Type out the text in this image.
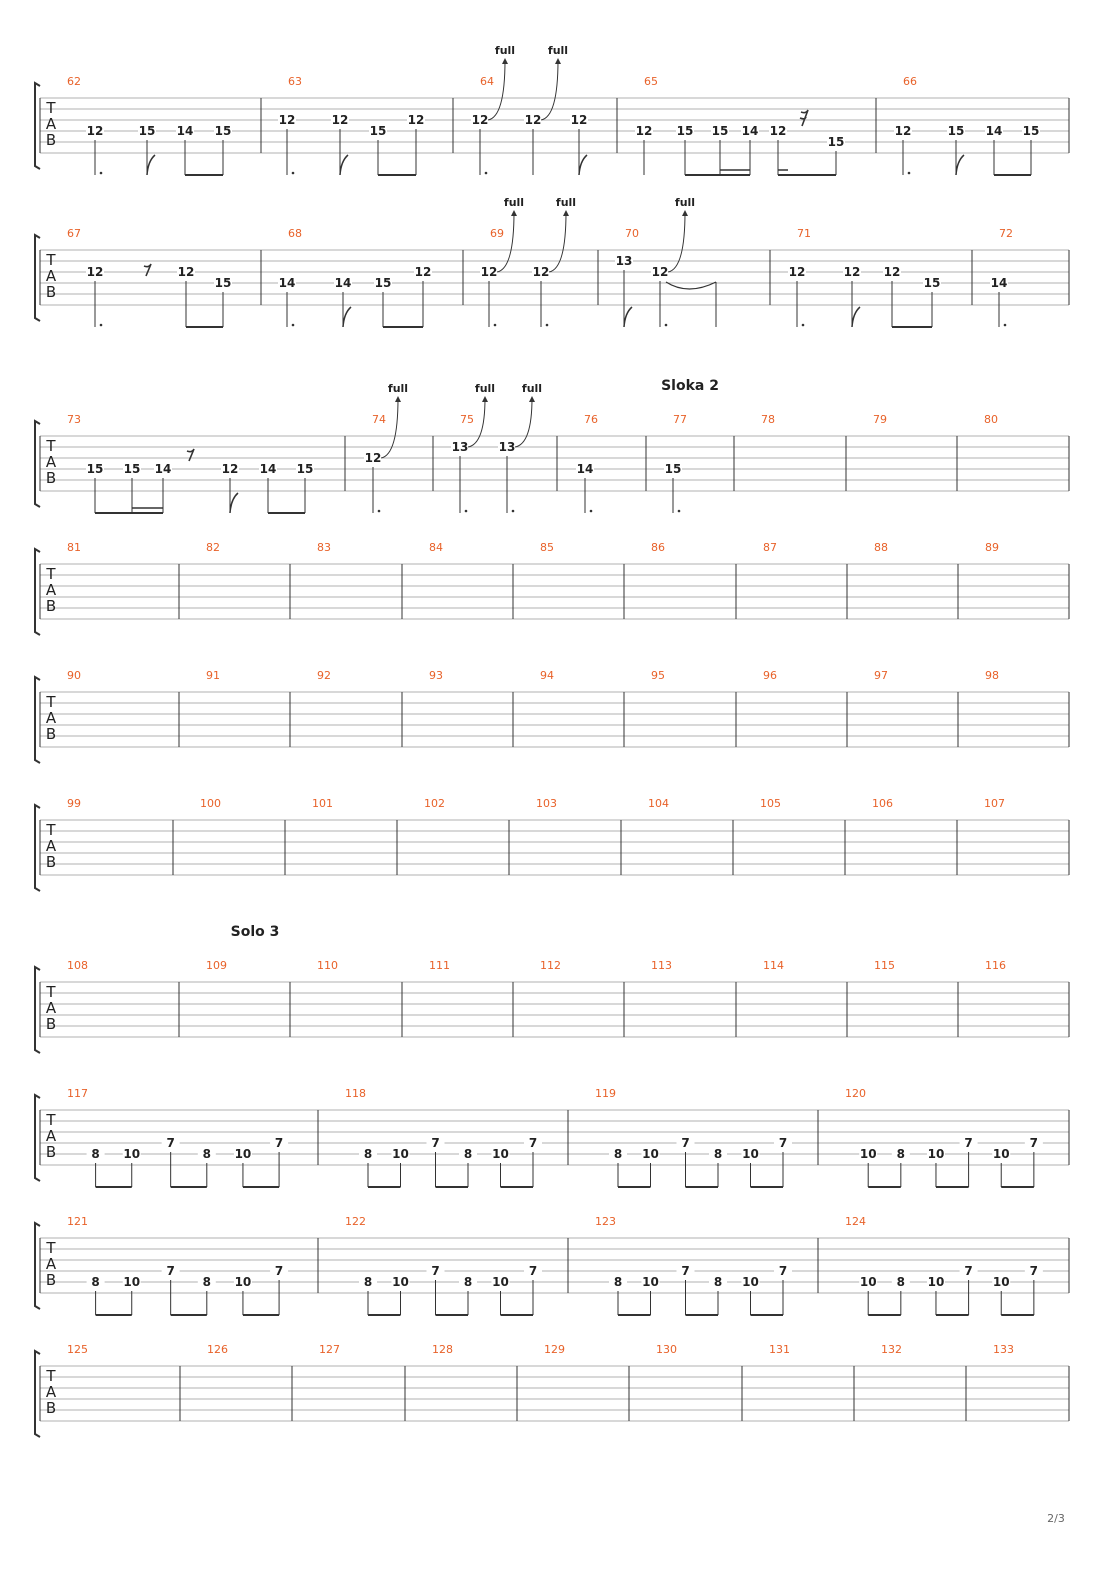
T
A
B
62
12	15 14 15
63
12	12
15
12
64
12
full
12
full
12
65
12 15 15 14 12
15
66
12	15 14 15
T
A
B
67
12	12
15
68
14	14 15
12
69
12
full
12
full
70
13
12
full
71
12	12 12
15
72
14
T
A
B
Sloka 2
73
15 15 14	12 14 15
74
12
full
75
13
full
13
full
76
14
77
15
78	79	80
T
A
B
81	82	83	84	85	86	87	88	89
T
A
B
90	91	92	93	94	95	96	97	98
T
A
B
99	100	101	102	103	104	105	106	107
T
A
B
Solo 3
108	109	110	111	112	113	114	115	116
T
A
B
117
8 10
7
8 10
7
118
8 10
7
8 10
7
119
8 10
7
8 10
7
120
10 8 10
7
10
7
T
A
B
121
8 10
7
8 10
7
122
8 10
7
8 10
7
123
8 10
7
8 10
7
124
10 8 10
7
10
7
T
A
B
125	126	127	128	129	130	131	132	133
2/3
